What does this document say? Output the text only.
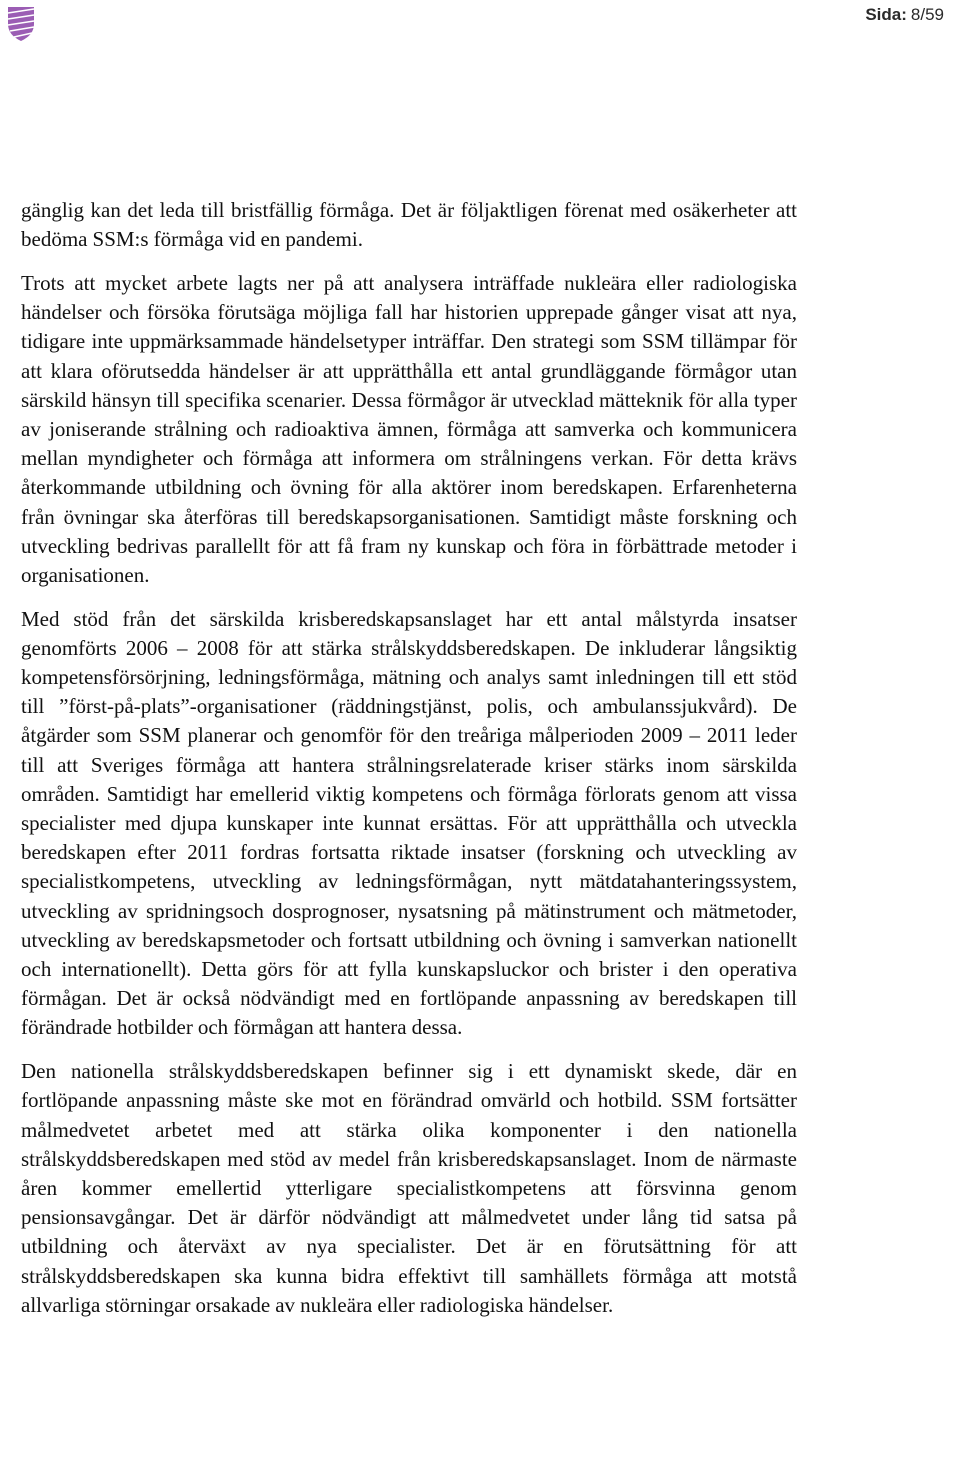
Sida: 8/59

gänglig kan det leda till bristfällig förmåga. Det är följaktligen förenat med osäkerheter att bedöma SSM:s förmåga vid en pandemi.

Trots att mycket arbete lagts ner på att analysera inträffade nukleära eller radiologiska händelser och försöka förutsäga möjliga fall har historien upprepade gånger visat att nya, tidigare inte uppmärksammade händelsetyper inträffar. Den strategi som SSM tillämpar för att klara oförutsedda händelser är att upprätthålla ett antal grundläggande förmågor utan särskild hänsyn till specifika scenarier. Dessa förmågor är utvecklad mätteknik för alla typer av joniserande strålning och radioaktiva ämnen, förmåga att samverka och kommunicera mellan myndigheter och förmåga att informera om strålningens verkan. För detta krävs återkommande utbildning och övning för alla aktörer inom beredskapen. Erfarenheterna från övningar ska återföras till beredskapsorganisationen. Samtidigt måste forskning och utveckling bedrivas parallellt för att få fram ny kunskap och föra in förbättrade metoder i organisationen.

Med stöd från det särskilda krisberedskapsanslaget har ett antal målstyrda insatser genomförts 2006 – 2008 för att stärka strålskyddsberedskapen. De inkluderar långsiktig kompetensförsörjning, ledningsförmåga, mätning och analys samt inledningen till ett stöd till ”först-på-plats”-organisationer (räddningstjänst, polis, och ambulanssjukvård). De åtgärder som SSM planerar och genomför för den treåriga målperioden 2009 – 2011 leder till att Sveriges förmåga att hantera strålningsrelaterade kriser stärks inom särskilda områden. Samtidigt har emellerid viktig kompetens och förmåga förlorats genom att vissa specialister med djupa kunskaper inte kunnat ersättas. För att upprätthålla och utveckla beredskapen efter 2011 fordras fortsatta riktade insatser (forskning och utveckling av specialistkompetens, utveckling av ledningsförmågan, nytt mätdatahanteringssystem, utveckling av spridningsoch dosprognoser, nysatsning på mätinstrument och mätmetoder, utveckling av beredskapsmetoder och fortsatt utbildning och övning i samverkan nationellt och internationellt). Detta görs för att fylla kunskapsluckor och brister i den operativa förmågan. Det är också nödvändigt med en fortlöpande anpassning av beredskapen till förändrade hotbilder och förmågan att hantera dessa.

Den nationella strålskyddsberedskapen befinner sig i ett dynamiskt skede, där en fortlöpande anpassning måste ske mot en förändrad omvärld och hotbild. SSM fortsätter målmedvetet arbetet med att stärka olika komponenter i den nationella strålskyddsberedskapen med stöd av medel från krisberedskapsanslaget. Inom de närmaste åren kommer emellertid ytterligare specialistkompetens att försvinna genom pensionsavgångar. Det är därför nödvändigt att målmedvetet under lång tid satsa på utbildning och återväxt av nya specialister. Det är en förutsättning för att strålskyddsberedskapen ska kunna bidra effektivt till samhällets förmåga att motstå allvarliga störningar orsakade av nukleära eller radiologiska händelser.
